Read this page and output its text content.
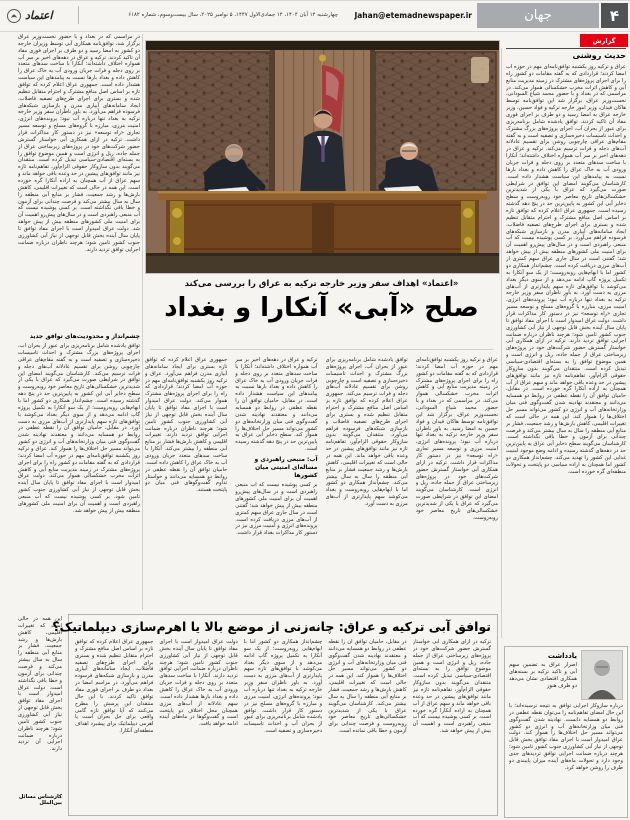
۴
جهان
Jahan@etemadnewspaper.ir
چهارشنبه ۱۴ آبان ۱۴۰۴، ۱۴ جمادی‌الاول ۱۴۴۷، ۵ نوامبر ۲۰۲۵، سال بیست‌وسوم، شماره ۶۱۸۲
اعتماد
گزارش
«اعتماد» اهداف سفر وزیر خارجه ترکیه به عراق را بررسی می‌کند
صلح «آبی» آنکارا و بغداد
عراق و ترکیه روز یکشنبه توافق‌نامه‌ای مهم در حوزه آب امضا کردند؛ قراردادی که به گفته مقامات دو کشور راه را برای اجرای پروژه‌های مشترک در زمینه مدیریت منابع آبی و کاهش اثرات مخرب خشکسالی هموار می‌کند. در مراسمی که در بغداد و با حضور محمد شیاع السودانی، نخست‌وزیر عراق، برگزار شد این توافق‌نامه توسط هاکان فیدان و فواد حسین به امضا رسید. به باور ناظران سفر وزیر خارجه ترکیه به بغداد تنها درباره آب نبود؛ پرونده‌های انرژی، امنیت مرزی و توسعه مسیر تجاری «راه توسعه» نیز در دستور کار مذاکرات قرار داشت. ترکیه در ازای همکاری آبی خواستار گسترش حضور شرکت‌های خود در پروژه‌های زیرساختی عراق از جمله جاده، ریل و انرژی است. کارشناسان می‌گویند امضای این توافق در شرایطی صورت می‌گیرد که عراق با یکی از شدیدترین خشکسالی‌های تاریخ معاصر خود روبه‌روست.
توافق یادشده شامل برنامه‌ریزی برای عبور از بحران آب، اجرای پروژه‌های بزرگ مشترک و احداث تاسیسات ذخیره‌سازی و تصفیه است و چارچوبی روشن برای تقسیم عادلانه آب‌های دجله و فرات ترسیم می‌کند. جمهوری عراق اعلام کرده که توافق تازه بر اساس اصل منافع مشترک و احترام متقابل تنظیم شده و بستری برای اجرای طرح‌های تصفیه فاضلاب و بازسازی شبکه‌های فرسوده فراهم می‌آورد. منتقدان می‌گویند بدون سازوکار حقوقی الزام‌آور، تفاهم‌نامه تازه نیز مانند توافق‌های پیشین در حد وعده باقی خواهد ماند. این همه در حالی است که تغییرات اقلیمی، کاهش بارش‌ها و رشد جمعیت فشار بر منابع آبی منطقه را سال به سال بیشتر می‌کند. چشم‌انداز همکاری دو کشور اما با ابهام‌هایی روبه‌روست و بغداد می‌کوشد سهم پایدارتری از آب‌های مرزی به دست آورد.
ترکیه و عراق در دهه‌های اخیر بر سر آب همواره اختلاف داشته‌اند؛ آنکارا با ساخت سدهای متعدد بر روی دجله و فرات جریان ورودی آب به خاک عراق را کاهش داده و بغداد بارها نسبت به پیامدهای این سیاست هشدار داده است. در مقابل، حامیان توافق آن را نقطه عطفی در روابط دو همسایه می‌دانند و معتقدند نهادینه شدن گفت‌وگوی فنی میان وزارتخانه‌های دو کشور می‌تواند مسیر حل اختلاف‌ها را هموار کند. سطح ذخایر آبی عراق به پایین‌ترین حد در پنج دهه گذشته رسیده است.
آب: منبعی راهبردی و مساله‌ای امنیتی میان کشورها
بر کسی پوشیده نیست که آب منبعی راهبردی است و در سال‌های پیش‌رو اهمیت آن برای امنیت ملی کشورهای منطقه بیش از پیش خواهد شد؛ گفتنی است در سال جاری عراق سهم کمتری از آب‌های مرزی دریافت کرده است. پرونده‌های انرژی و امنیت مرزی نیز در دستور کار مذاکرات بغداد قرار داشت.
جمهوری عراق اعلام کرده که توافق تازه بستری برای ایجاد سامانه‌های آبیاری مدرن فراهم می‌آورد. عراق و ترکیه روز یکشنبه توافق‌نامه‌ای مهم در حوزه آب امضا کردند؛ قراردادی که راه را برای اجرای پروژه‌های مشترک هموار می‌کند. دولت عراق امیدوار است با اجرای مفاد توافق تا پایان سال آینده بخش قابل توجهی از نیاز آبی کشاورزی جنوب کشور تامین شود؛ هرچند ناظران درباره ضمانت اجرایی توافق تردید دارند. تغییرات اقلیمی و کاهش بارش‌ها فشار بر منابع آبی منطقه را بیشتر می‌کند. آنکارا با ساخت سدهای متعدد جریان ورودی آب به خاک عراق را کاهش داده است. حامیان توافق آن را نقطه عطفی در روابط دو همسایه می‌دانند و خواستار تداوم گفت‌وگوهای فنی میان دو پایتخت هستند.
در مراسمی که در بغداد و با حضور نخست‌وزیر عراق برگزار شد، توافق‌نامه همکاری آبی توسط وزیران خارجه دو کشور به امضا رسید و دو طرف بر اجرای فوری مفاد آن تاکید کردند. ترکیه و عراق در دهه‌های اخیر بر سر آب همواره اختلاف داشته‌اند؛ آنکارا با ساخت سدهای متعدد بر روی دجله و فرات جریان ورودی آب به خاک عراق را کاهش داده و بغداد بارها نسبت به پیامدهای این سیاست هشدار داده است. جمهوری عراق اعلام کرده که توافق تازه بر اساس اصل منافع مشترک و احترام متقابل تنظیم شده و بستری برای اجرای طرح‌های تصفیه فاضلاب، ایجاد سامانه‌های آبیاری مدرن و بازسازی شبکه‌های فرسوده فراهم می‌آورد. به باور ناظران سفر وزیر خارجه ترکیه به بغداد تنها درباره آب نبود؛ پرونده‌های انرژی، امنیت مرزی، مبارزه با گروه‌های مسلح و توسعه مسیر تجاری «راه توسعه» نیز در دستور کار مذاکرات قرار داشت. ترکیه در ازای همکاری آبی خواستار گسترش حضور شرکت‌های خود در پروژه‌های زیرساختی عراق از جمله جاده، ریل و انرژی است و همین موضوع توافق را به بسته‌ای اقتصادی-سیاسی تبدیل کرده است. منتقدان می‌گویند بدون سازوکار حقوقی الزام‌آور، تفاهم‌نامه تازه نیز مانند توافق‌های پیشین در حد وعده باقی خواهد ماند و سهم عراق از آب همچنان به اراده آنکارا گره خورده است. این همه در حالی است که تغییرات اقلیمی، کاهش بارش‌ها و رشد جمعیت، فشار بر منابع آبی منطقه را سال به سال بیشتر می‌کند و فرصت چندانی برای آزمون و خطا باقی نگذاشته است. بر کسی پوشیده نیست که آب منبعی راهبردی است و در سال‌های پیش‌رو اهمیت آن برای امنیت ملی کشورهای منطقه بیش از پیش خواهد شد. دولت عراق امیدوار است با اجرای مفاد توافق تا پایان سال آینده بخش قابل توجهی از نیاز آبی کشاورزی جنوب کشور تامین شود؛ هرچند ناظران درباره ضمانت اجرایی توافق تردید دارند.
چشم‌انداز و محدودیت‌های توافق جدید
توافق یادشده شامل برنامه‌ریزی برای عبور از بحران آب، اجرای پروژه‌های بزرگ مشترک و احداث تاسیسات ذخیره‌سازی و تصفیه است و به گفته مقام‌های عراقی چارچوبی روشن برای تقسیم عادلانه آب‌های دجله و فرات ترسیم می‌کند. کارشناسان می‌گویند امضای این توافق در شرایطی صورت می‌گیرد که عراق با یکی از شدیدترین خشکسالی‌های تاریخ معاصر خود روبه‌روست و سطح ذخایر آبی این کشور به پایین‌ترین حد در پنج دهه گذشته رسیده است. چشم‌انداز همکاری دو کشور اما با ابهام‌هایی روبه‌روست؛ از یک سو آنکارا به تکمیل پروژه گاپ ادامه می‌دهد و از سوی دیگر بغداد می‌کوشد با توافق‌های تازه سهم پایدارتری از آب‌های مرزی به دست آورد. در مقابل، حامیان توافق آن را نقطه عطفی در روابط دو همسایه می‌دانند و معتقدند نهادینه شدن گفت‌وگوی فنی میان وزارتخانه‌های آب و انرژی دو کشور می‌تواند مسیر حل اختلاف‌ها را هموار کند. عراق و ترکیه روز یکشنبه توافق‌نامه‌ای مهم در حوزه آب امضا کردند؛ قراردادی که به گفته مقامات دو کشور راه را برای اجرای پروژه‌های مشترک در زمینه مدیریت منابع آبی و کاهش اثرات مخرب خشکسالی هموار می‌کند. دولت عراق امیدوار است با اجرای مفاد توافق تا پایان سال آینده بخش قابل توجهی از نیاز آبی کشاورزی جنوب کشور تامین شود. بر کسی پوشیده نیست که آب منبعی راهبردی است و اهمیت آن برای امنیت ملی کشورهای منطقه بیش از پیش خواهد شد.
حدیث روشنی
عراق و ترکیه روز یکشنبه توافق‌نامه‌ای مهم در حوزه آب امضا کردند؛ قراردادی که به گفته مقامات دو کشور راه را برای اجرای پروژه‌های مشترک در زمینه مدیریت منابع آبی و کاهش اثرات مخرب خشکسالی هموار می‌کند. در مراسمی که در بغداد و با حضور محمد شیاع السودانی، نخست‌وزیر عراق، برگزار شد این توافق‌نامه توسط هاکان فیدان، وزیر امور خارجه ترکیه و فواد حسین، وزیر خارجه عراق به امضا رسید و دو طرف بر اجرای فوری مفاد آن تاکید کردند. توافق یادشده شامل برنامه‌ریزی برای عبور از بحران آب، اجرای پروژه‌های بزرگ مشترک و احداث تاسیسات ذخیره‌سازی و تصفیه است و به گفته مقام‌های عراقی چارچوبی روشن برای تقسیم عادلانه آب‌های دجله و فرات ترسیم می‌کند. ترکیه و عراق در دهه‌های اخیر بر سر آب همواره اختلاف داشته‌اند؛ آنکارا با ساخت سدهای متعدد بر روی دجله و فرات جریان ورودی آب به خاک عراق را کاهش داده و بغداد بارها نسبت به پیامدهای این سیاست هشدار داده است. کارشناسان می‌گویند امضای این توافق در شرایطی صورت می‌گیرد که عراق با یکی از شدیدترین خشکسالی‌های تاریخ معاصر خود روبه‌روست و سطح ذخایر آبی این کشور به پایین‌ترین حد در پنج دهه گذشته رسیده است. جمهوری عراق اعلام کرده که توافق تازه بر اساس اصل منافع مشترک و احترام متقابل تنظیم شده و بستری برای اجرای طرح‌های تصفیه فاضلاب، ایجاد سامانه‌های آبیاری مدرن و بازسازی شبکه‌های فرسوده فراهم می‌آورد. بر کسی پوشیده نیست که آب منبعی راهبردی است و در سال‌های پیش‌رو اهمیت آن برای امنیت ملی کشورهای منطقه بیش از پیش خواهد شد؛ گفتنی است در سال جاری عراق سهم کمتری از آب‌های مرزی دریافت کرده است. چشم‌انداز همکاری دو کشور اما با ابهام‌هایی روبه‌روست؛ از یک سو آنکارا به تکمیل پروژه گاپ ادامه می‌دهد و از سوی دیگر بغداد می‌کوشد با توافق‌های تازه سهم پایدارتری از آب‌های مرزی به دست آورد. به باور ناظران سفر وزیر خارجه ترکیه به بغداد تنها درباره آب نبود؛ پرونده‌های انرژی، امنیت مرزی، مبارزه با گروه‌های مسلح و توسعه مسیر تجاری «راه توسعه» نیز در دستور کار مذاکرات قرار داشت. دولت عراق امیدوار است با اجرای مفاد توافق تا پایان سال آینده بخش قابل توجهی از نیاز آبی کشاورزی جنوب کشور تامین شود؛ هرچند ناظران درباره ضمانت اجرایی توافق تردید دارند. ترکیه در ازای همکاری آبی خواستار گسترش حضور شرکت‌های خود در پروژه‌های زیرساختی عراق از جمله جاده، ریل و انرژی است و همین موضوع توافق را به بسته‌ای اقتصادی-سیاسی تبدیل کرده است. منتقدان می‌گویند بدون سازوکار حقوقی الزام‌آور، تفاهم‌نامه تازه نیز مانند توافق‌های پیشین در حد وعده باقی خواهد ماند و سهم عراق از آب همچنان به اراده آنکارا گره خورده است. در مقابل، حامیان توافق آن را نقطه عطفی در روابط دو همسایه می‌دانند و معتقدند نهادینه شدن گفت‌وگوی فنی میان وزارتخانه‌های آب و انرژی دو کشور می‌تواند مسیر حل اختلاف‌ها را هموار کند. این همه در حالی است که تغییرات اقلیمی، کاهش بارش‌ها و رشد جمعیت، فشار بر منابع آبی منطقه را سال به سال بیشتر می‌کند و فرصت چندانی برای آزمون و خطا باقی نگذاشته است. کارشناسان می‌گویند سطح ذخایر آبی عراق به پایین‌ترین حد در دهه‌های گذشته رسیده و ادامه وضع موجود امنیت غذایی این کشور را تهدید می‌کند. چشم‌انداز همکاری دو کشور اما همچنان به اراده سیاسی دو پایتخت و تحولات منطقه‌ای گره خورده است.
توافق آبی ترکیه و عراق: چانه‌زنی از موضع بالا یا اهرم‌سازی دیپلماتیک؟
ترکیه در ازای همکاری آبی خواستار گسترش حضور شرکت‌های خود در پروژه‌های زیرساختی عراق از جمله جاده، ریل و انرژی است و همین موضوع توافق را به بسته‌ای اقتصادی-سیاسی تبدیل کرده است. منتقدان می‌گویند بدون سازوکار حقوقی الزام‌آور، تفاهم‌نامه تازه نیز مانند توافق‌های پیشین در حد وعده باقی خواهد ماند و سهم عراق از آب همچنان به اراده آنکارا گره خورده است. بر کسی پوشیده نیست که آب منبعی راهبردی است و اهمیت آن بیش از پیش خواهد شد.
در مقابل، حامیان توافق آن را نقطه عطفی در روابط دو همسایه می‌دانند و معتقدند نهادینه شدن گفت‌وگوی فنی میان وزارتخانه‌های آب و انرژی دو کشور می‌تواند مسیر حل اختلاف‌ها را هموار کند. این همه در حالی است که تغییرات اقلیمی، کاهش بارش‌ها و رشد جمعیت، فشار بر منابع آبی منطقه را سال به سال بیشتر می‌کند. کارشناسان می‌گویند عراق با یکی از شدیدترین خشکسالی‌های تاریخ معاصر خود روبه‌روست و فرصت چندانی برای آزمون و خطا باقی نمانده است.
چشم‌انداز همکاری دو کشور اما با ابهام‌هایی روبه‌روست؛ از یک سو آنکارا به تکمیل پروژه گاپ ادامه می‌دهد و از سوی دیگر بغداد می‌کوشد با توافق‌های تازه سهم پایدارتری از آب‌های مرزی به دست آورد. به باور ناظران سفر وزیر خارجه ترکیه به بغداد تنها درباره آب نبود؛ پرونده‌های انرژی، امنیت مرزی و مبارزه با گروه‌های مسلح نیز در دستور کار قرار داشت. توافق یادشده شامل برنامه‌ریزی برای عبور از بحران آب و احداث تاسیسات ذخیره‌سازی و تصفیه است.
دولت عراق امیدوار است با اجرای مفاد توافق تا پایان سال آینده بخش قابل توجهی از نیاز آبی کشاورزی جنوب کشور تامین شود؛ هرچند ناظران درباره ضمانت اجرایی توافق تردید دارند. آنکارا با ساخت سدهای متعدد بر روی دجله و فرات جریان ورودی آب به خاک عراق را کاهش داده و بغداد بارها هشدار داده است. سهم عادلانه از آب‌های مرزی همچنان محل اختلاف دو پایتخت است و گفت‌وگوها در ماه‌های آینده ادامه خواهد یافت.
جمهوری عراق اعلام کرده که توافق تازه بر اساس اصل منافع مشترک و احترام متقابل تنظیم شده و بستری برای اجرای طرح‌های تصفیه فاضلاب، ایجاد سامانه‌های آبیاری مدرن و بازسازی شبکه‌های فرسوده فراهم می‌آورد. در مراسم امضا در بغداد دو طرف بر اجرای فوری مفاد توافق تاکید کردند. با این حال منتقدان این پرسش را مطرح می‌کنند که آیا توافق تازه گامی واقعی برای حل بحران است یا اهرمی دیپلماتیک برای پیشبرد اهداف منطقه‌ای آنکارا.
این همه در حالی است که تغییرات اقلیمی، کاهش بارش‌ها و رشد جمعیت، فشار بر منابع آبی منطقه را سال به سال بیشتر می‌کند و فرصت چندانی برای آزمون و خطا باقی نگذاشته است. دولت عراق امیدوار است با اجرای مفاد توافق بخش قابل توجهی از نیاز آبی کشاورزی جنوب کشور تامین شود؛ هرچند ناظران درباره ضمانت اجرایی آن تردید دارند.
کارشناس مسائل بین‌الملل
یادداشت
اصرار عراق به تضمین سهم آبی و تاکید ترکیه بر بسته‌های همکاری اقتصادی نشان می‌دهد دو طرف هنوز
درباره سازوکار اجرایی توافق به نتیجه نرسیده‌اند؛ با این حال امضای تفاهم‌نامه را می‌توان نقطه عطفی در روابط دو همسایه دانست. نهادینه شدن گفت‌وگوی فنی میان وزارتخانه‌های آب و انرژی دو کشور می‌تواند مسیر حل اختلاف‌ها را هموار کند. دولت عراق امیدوار است با اجرای مفاد توافق بخش قابل توجهی از نیاز آبی کشاورزی جنوب کشور تامین شود؛ هرچند درباره ضمانت اجرایی توافق تردیدهای جدی وجود دارد و تحولات ماه‌های آینده میزان پایبندی دو طرف را روشن خواهد کرد.
